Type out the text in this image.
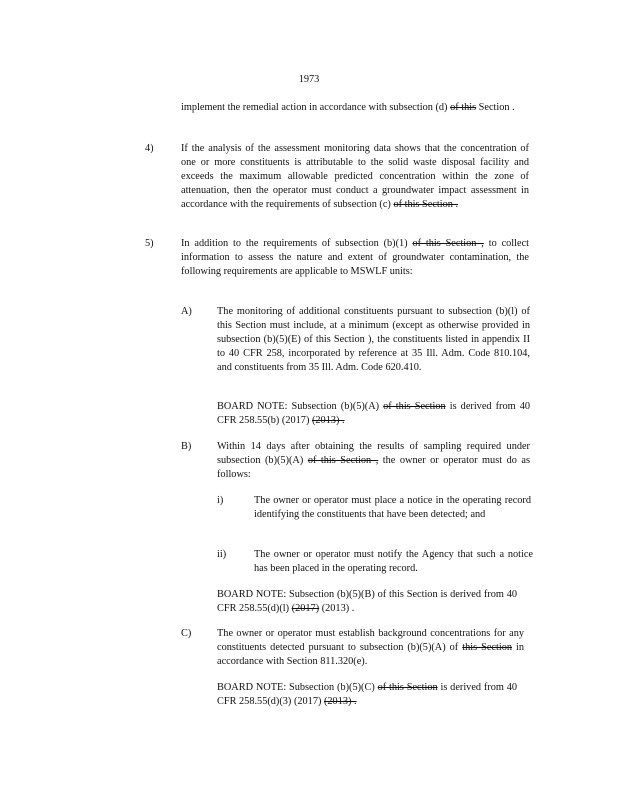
1973
implement the remedial action in accordance with subsection (d) of this Section .
4)	If the analysis of the assessment monitoring data shows that the concentration of one or more constituents is attributable to the solid waste disposal facility and exceeds the maximum allowable predicted concentration within the zone of attenuation, then the operator must conduct a groundwater impact assessment in accordance with the requirements of subsection (c) of this Section .
5)	In addition to the requirements of subsection (b)(1) of this Section , to collect information to assess the nature and extent of groundwater contamination, the following requirements are applicable to MSWLF units:
A) The monitoring of additional constituents pursuant to subsection (b)(l) of this Section must include, at a minimum (except as otherwise provided in subsection (b)(5)(E) of this Section ), the constituents listed in appendix II to 40 CFR 258, incorporated by reference at 35 Ill. Adm. Code 810.104, and constituents from 35 Ill. Adm. Code 620.410.
BOARD NOTE: Subsection (b)(5)(A) of this Section is derived from 40 CFR 258.55(b) (2017) (2013) .
B) Within 14 days after obtaining the results of sampling required under subsection (b)(5)(A) of this Section , the owner or operator must do as follows:
i)	The owner or operator must place a notice in the operating record identifying the constituents that have been detected; and
ii)	The owner or operator must notify the Agency that such a notice has been placed in the operating record.
BOARD NOTE: Subsection (b)(5)(B) of this Section is derived from 40 CFR 258.55(d)(l) (2017) (2013) .
C) The owner or operator must establish background concentrations for any constituents detected pursuant to subsection (b)(5)(A) of this Section in accordance with Section 811.320(e).
BOARD NOTE: Subsection (b)(5)(C) of this Section is derived from 40 CFR 258.55(d)(3) (2017) (2013) .
